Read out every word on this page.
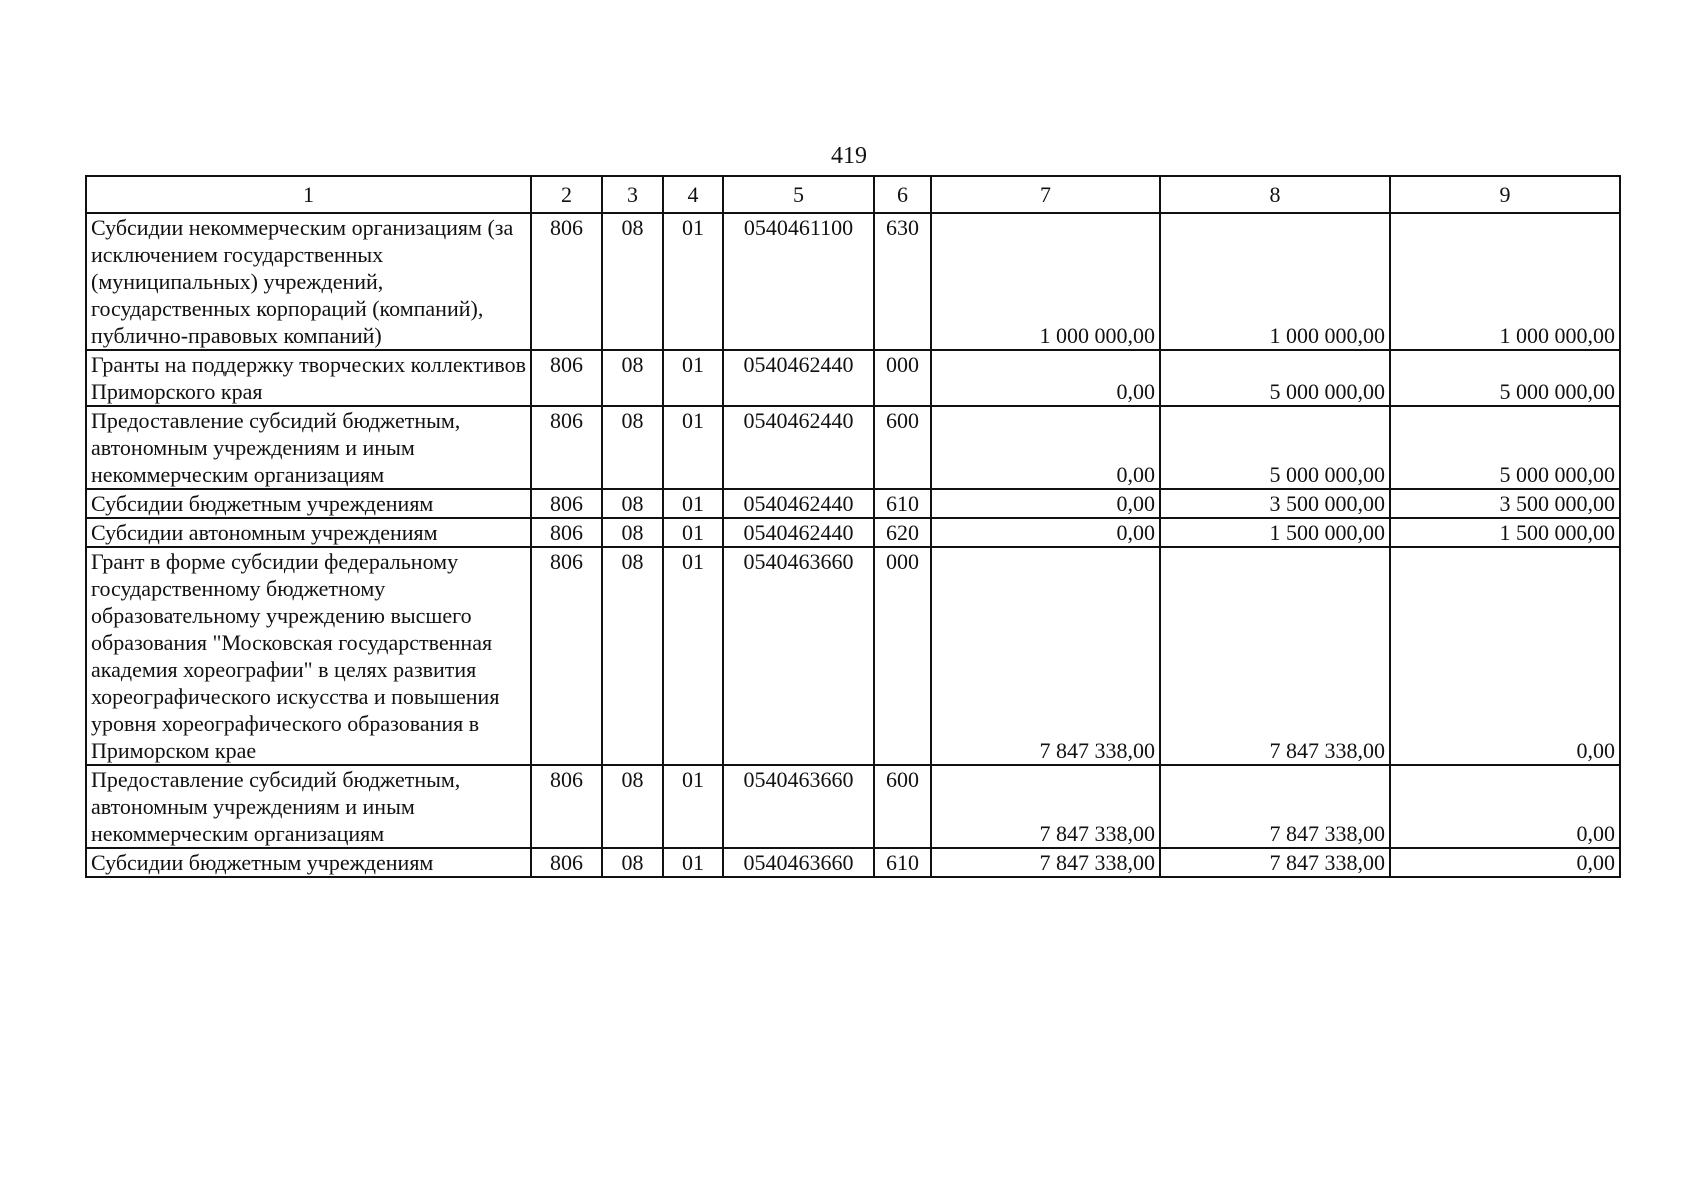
419
1	2	3	4	5	6	7	8	9
Субсидии некоммерческим организациям (за исключением государственных (муниципальных) учреждений, государственных корпораций (компаний), публично-правовых компаний)	806	08	01	0540461100	630	1 000 000,00	1 000 000,00	1 000 000,00
Гранты на поддержку творческих коллективов Приморского края	806	08	01	0540462440	000	0,00	5 000 000,00	5 000 000,00
Предоставление субсидий бюджетным, автономным учреждениям и иным некоммерческим организациям	806	08	01	0540462440	600	0,00	5 000 000,00	5 000 000,00
Субсидии бюджетным учреждениям	806	08	01	0540462440	610	0,00	3 500 000,00	3 500 000,00
Субсидии автономным учреждениям	806	08	01	0540462440	620	0,00	1 500 000,00	1 500 000,00
Грант в форме субсидии федеральному государственному бюджетному образовательному учреждению высшего образования "Московская государственная академия хореографии" в целях развития хореографического искусства и повышения уровня хореографического образования в Приморском крае	806	08	01	0540463660	000	7 847 338,00	7 847 338,00	0,00
Предоставление субсидий бюджетным, автономным учреждениям и иным некоммерческим организациям	806	08	01	0540463660	600	7 847 338,00	7 847 338,00	0,00
Субсидии бюджетным учреждениям	806	08	01	0540463660	610	7 847 338,00	7 847 338,00	0,00
